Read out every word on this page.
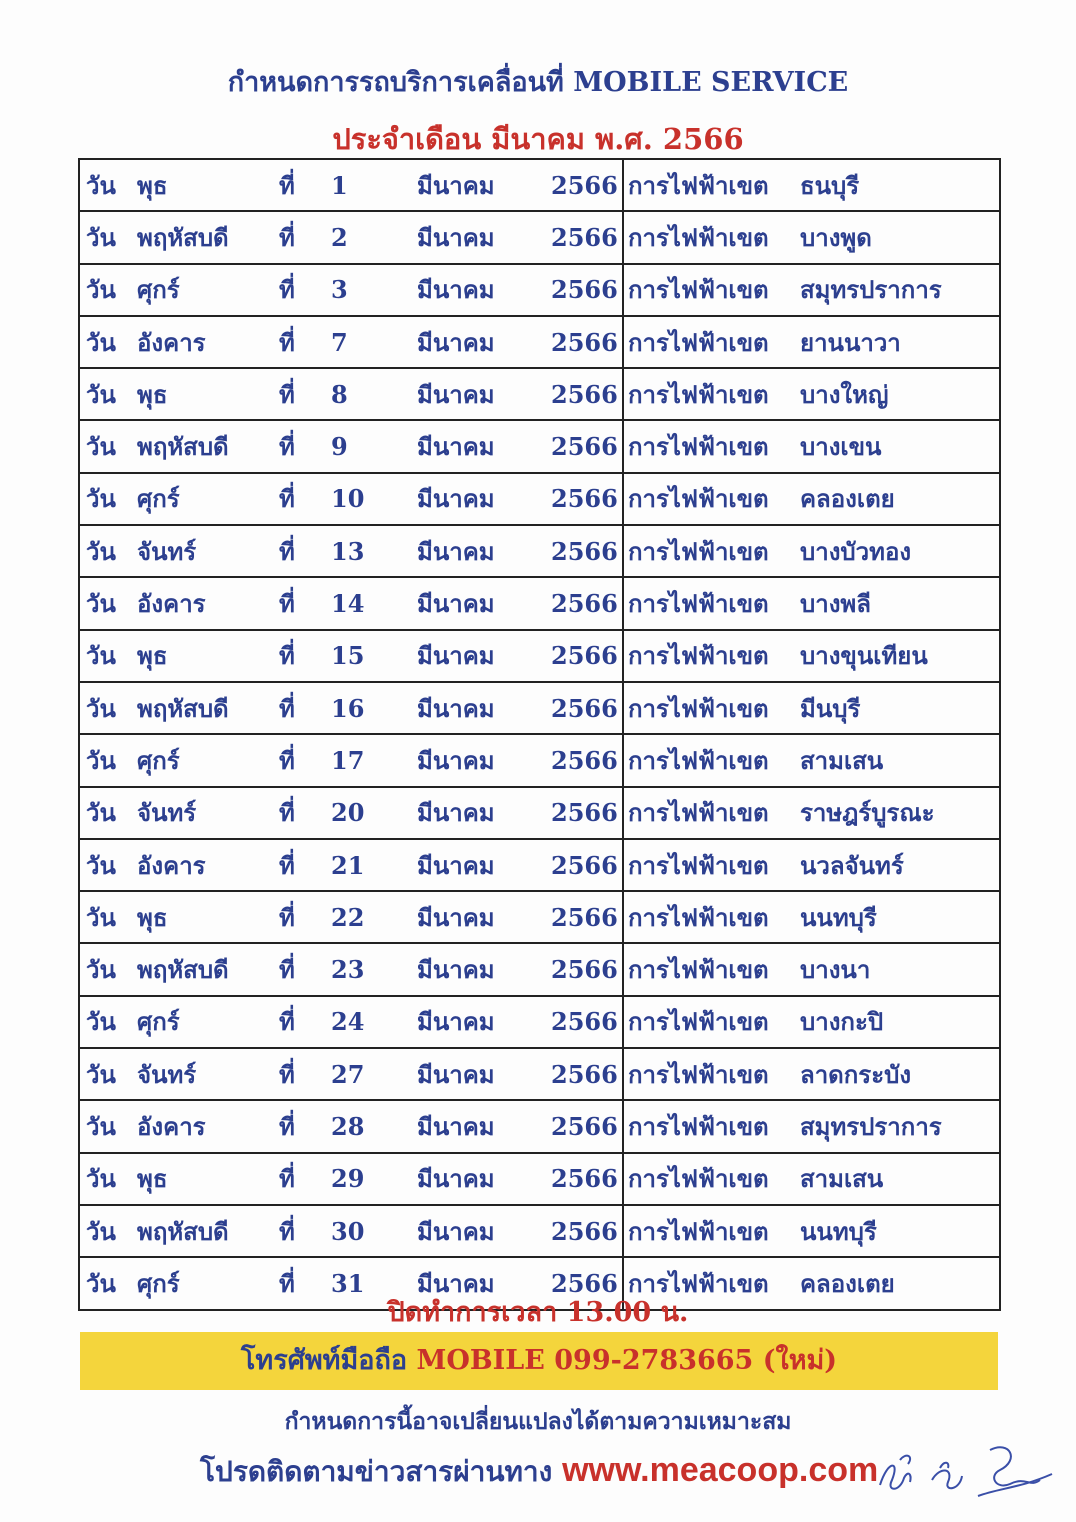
กำหนดการรถบริการเคลื่อนที่ MOBILE SERVICE
ประจำเดือน มีนาคม พ.ศ. 2566
วัน	พุธ	ที่	1	มีนาคม	2566	การไฟฟ้าเขต	ธนบุรี
วัน	พฤหัสบดี	ที่	2	มีนาคม	2566	การไฟฟ้าเขต	บางพูด
วัน	ศุกร์	ที่	3	มีนาคม	2566	การไฟฟ้าเขต	สมุทรปราการ
วัน	อังคาร	ที่	7	มีนาคม	2566	การไฟฟ้าเขต	ยานนาวา
วัน	พุธ	ที่	8	มีนาคม	2566	การไฟฟ้าเขต	บางใหญ่
วัน	พฤหัสบดี	ที่	9	มีนาคม	2566	การไฟฟ้าเขต	บางเขน
วัน	ศุกร์	ที่	10	มีนาคม	2566	การไฟฟ้าเขต	คลองเตย
วัน	จันทร์	ที่	13	มีนาคม	2566	การไฟฟ้าเขต	บางบัวทอง
วัน	อังคาร	ที่	14	มีนาคม	2566	การไฟฟ้าเขต	บางพลี
วัน	พุธ	ที่	15	มีนาคม	2566	การไฟฟ้าเขต	บางขุนเทียน
วัน	พฤหัสบดี	ที่	16	มีนาคม	2566	การไฟฟ้าเขต	มีนบุรี
วัน	ศุกร์	ที่	17	มีนาคม	2566	การไฟฟ้าเขต	สามเสน
วัน	จันทร์	ที่	20	มีนาคม	2566	การไฟฟ้าเขต	ราษฎร์บูรณะ
วัน	อังคาร	ที่	21	มีนาคม	2566	การไฟฟ้าเขต	นวลจันทร์
วัน	พุธ	ที่	22	มีนาคม	2566	การไฟฟ้าเขต	นนทบุรี
วัน	พฤหัสบดี	ที่	23	มีนาคม	2566	การไฟฟ้าเขต	บางนา
วัน	ศุกร์	ที่	24	มีนาคม	2566	การไฟฟ้าเขต	บางกะปิ
วัน	จันทร์	ที่	27	มีนาคม	2566	การไฟฟ้าเขต	ลาดกระบัง
วัน	อังคาร	ที่	28	มีนาคม	2566	การไฟฟ้าเขต	สมุทรปราการ
วัน	พุธ	ที่	29	มีนาคม	2566	การไฟฟ้าเขต	สามเสน
วัน	พฤหัสบดี	ที่	30	มีนาคม	2566	การไฟฟ้าเขต	นนทบุรี
วัน	ศุกร์	ที่	31	มีนาคม	2566	การไฟฟ้าเขต	คลองเตย
ปิดทำการเวลา 13.00 น.
โทรศัพท์มือถือ MOBILE 099-2783665 (ใหม่)
กำหนดการนี้อาจเปลี่ยนแปลงได้ตามความเหมาะสม
โปรดติดตามข่าวสารผ่านทาง www.meacoop.com
